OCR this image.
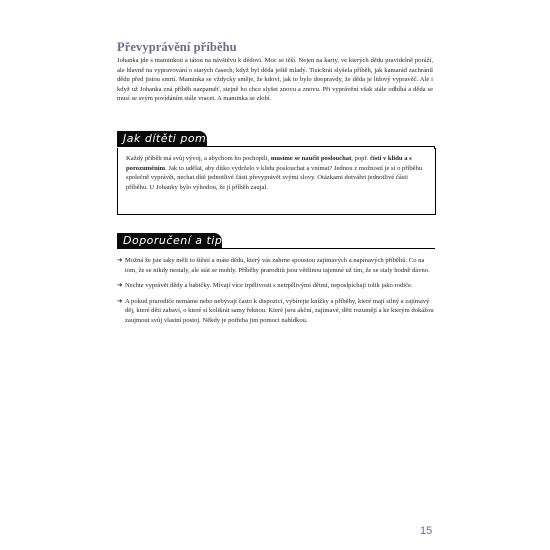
Převyprávění příběhu
Johanka jde s maminkou a tátou na návštěvu k dědovi. Moc se těší. Nejen na karty, ve kterých dědu pravidelně poráží, ale hlavně na vypravování o starých časech, když byl děda ještě mladý. Tisíckrát slyšela příběh, jak kamarád zachránil dědu před jistou smrtí. Maminka se vždycky směje, že kdoví, jak to bylo doopravdy, že děda je lidový vypravěč. Ale i když už Johanka zná příběh nazpaměť, stejně ho chce slyšet znovu a znovu. Při vyprávění však stále odbíhá a děda se musí se svým povídáním stále vracet. A maminka se zlobí.
Jak dítěti pomoci
Každý příběh má svůj vývoj, a abychom ho pochopili, musíme se naučit poslouchat, popř. čísti v klidu a s porozuměním. Jak to udělat, aby dítko vydrželo v klidu poslouchat a vnímat? Jednou z možností je si o příběhu společně vyprávět, nechat dítě jednotlivé části převyprávět svými slovy. Otázkami dotvářet jednotlivé části příběhu. U Johanky bylo výhodou, že jí příběh zaujal.
Doporučení a tipy
➔ Možná že jste taky měli to štěstí a máte dědu, který vás zahrne spoustou zajímavých a napínavých příběhů. Co na tom, že se nikdy nestaly, ale stát se mohly. Příběhy praroditů jsou většinou tajemné už tím, že se staly hodně dávno.
➔ Nechte vyprávět dědy a babičky. Mívají více trpělivosti s netrpělivými dětmi, neposlpíchají tolik jako rodiče.
➔ A pokud prarodiče nemáme nebo nebývají často k dispozici, vybírejte knížky a příběhy, které mají silný a zajímavý děj, které děti zabaví, o které si kolikrát samy řeknou. Které jsou akční, zajímavé, děti rozumějí a ke kterým dokážou zaujmout svůj vlastní postoj. Někdy je potřeba jim pomoci nabídkou.
15
